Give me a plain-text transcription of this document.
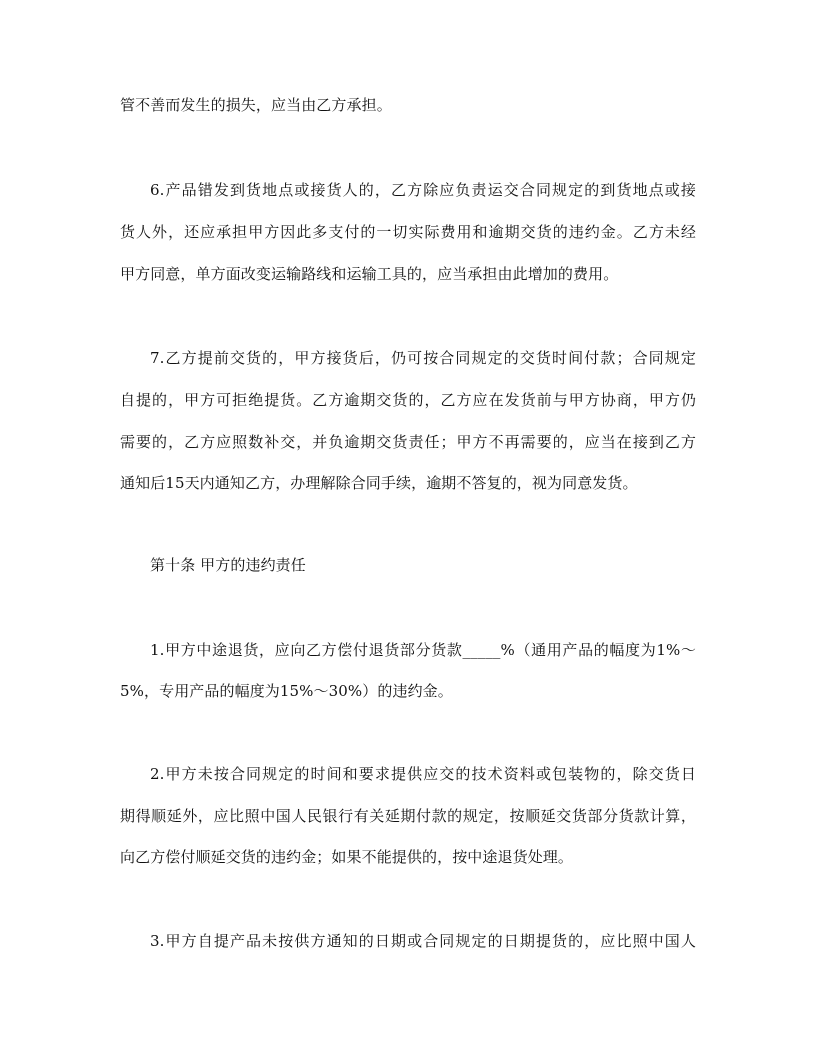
管不善而发生的损失，应当由乙方承担。
6.产品错发到货地点或接货人的，乙方除应负责运交合同规定的到货地点或接
货人外，还应承担甲方因此多支付的一切实际费用和逾期交货的违约金。乙方未经
甲方同意，单方面改变运输路线和运输工具的，应当承担由此增加的费用。
7.乙方提前交货的，甲方接货后，仍可按合同规定的交货时间付款；合同规定
自提的，甲方可拒绝提货。乙方逾期交货的，乙方应在发货前与甲方协商，甲方仍
需要的，乙方应照数补交，并负逾期交货责任；甲方不再需要的，应当在接到乙方
通知后15天内通知乙方，办理解除合同手续，逾期不答复的，视为同意发货。
第十条 甲方的违约责任
1.甲方中途退货，应向乙方偿付退货部分货款_____%（通用产品的幅度为1%～
5%，专用产品的幅度为15%～30%）的违约金。
2.甲方未按合同规定的时间和要求提供应交的技术资料或包装物的，除交货日
期得顺延外，应比照中国人民银行有关延期付款的规定，按顺延交货部分货款计算，
向乙方偿付顺延交货的违约金；如果不能提供的，按中途退货处理。
3.甲方自提产品未按供方通知的日期或合同规定的日期提货的，应比照中国人
